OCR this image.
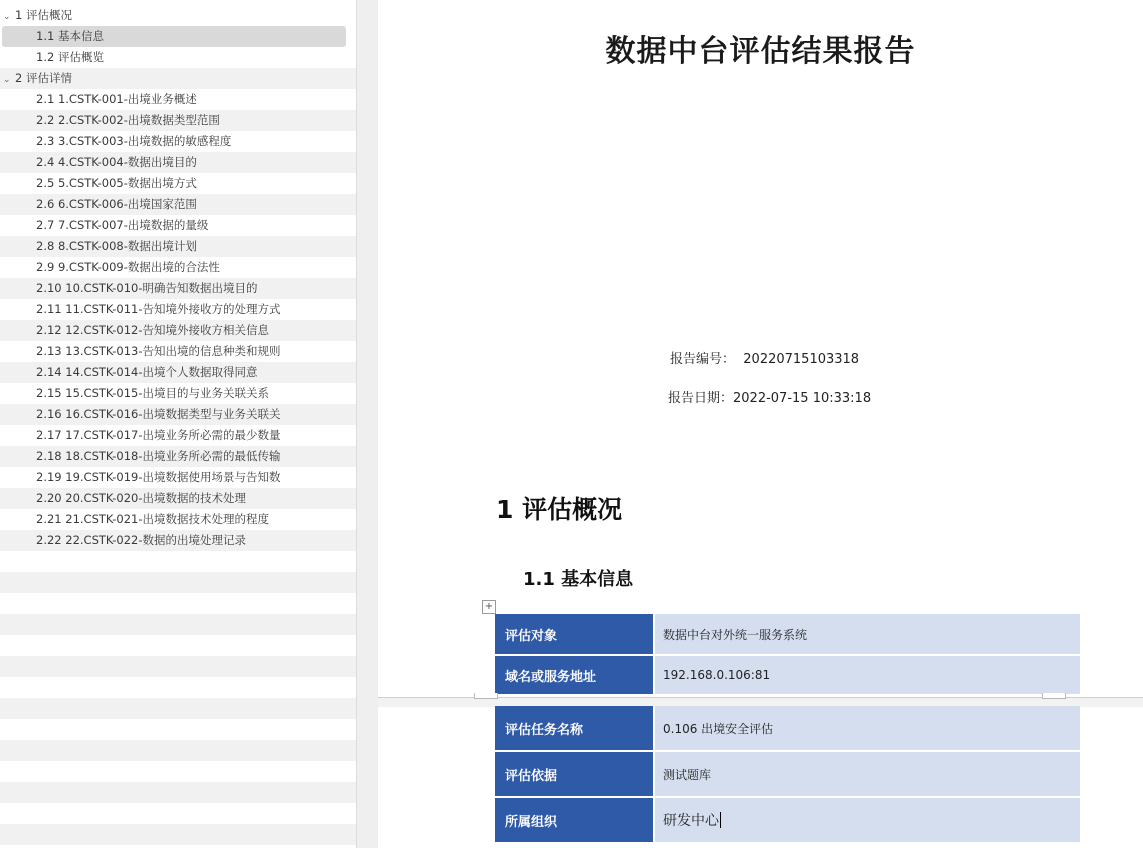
⌄ 1 评估概况
1.1 基本信息
1.2 评估概览
⌄ 2 评估详情
2.1 1.CSTK-001-出境业务概述
2.2 2.CSTK-002-出境数据类型范围
2.3 3.CSTK-003-出境数据的敏感程度
2.4 4.CSTK-004-数据出境目的
2.5 5.CSTK-005-数据出境方式
2.6 6.CSTK-006-出境国家范围
2.7 7.CSTK-007-出境数据的量级
2.8 8.CSTK-008-数据出境计划
2.9 9.CSTK-009-数据出境的合法性
2.10 10.CSTK-010-明确告知数据出境目的
2.11 11.CSTK-011-告知境外接收方的处理方式
2.12 12.CSTK-012-告知境外接收方相关信息
2.13 13.CSTK-013-告知出境的信息种类和规则
2.14 14.CSTK-014-出境个人数据取得同意
2.15 15.CSTK-015-出境目的与业务关联关系
2.16 16.CSTK-016-出境数据类型与业务关联关
2.17 17.CSTK-017-出境业务所必需的最少数量
2.18 18.CSTK-018-出境业务所必需的最低传输
2.19 19.CSTK-019-出境数据使用场景与告知数
2.20 20.CSTK-020-出境数据的技术处理
2.21 21.CSTK-021-出境数据技术处理的程度
2.22 22.CSTK-022-数据的出境处理记录
数据中台评估结果报告
报告编号： 20220715103318
报告日期：2022-07-15 10:33:18
1 评估概况
1.1 基本信息
+
评估对象	数据中台对外统一服务系统
域名或服务地址	192.168.0.106:81
评估任务名称	0.106 出境安全评估
评估依据	测试题库
所属组织	研发中心
